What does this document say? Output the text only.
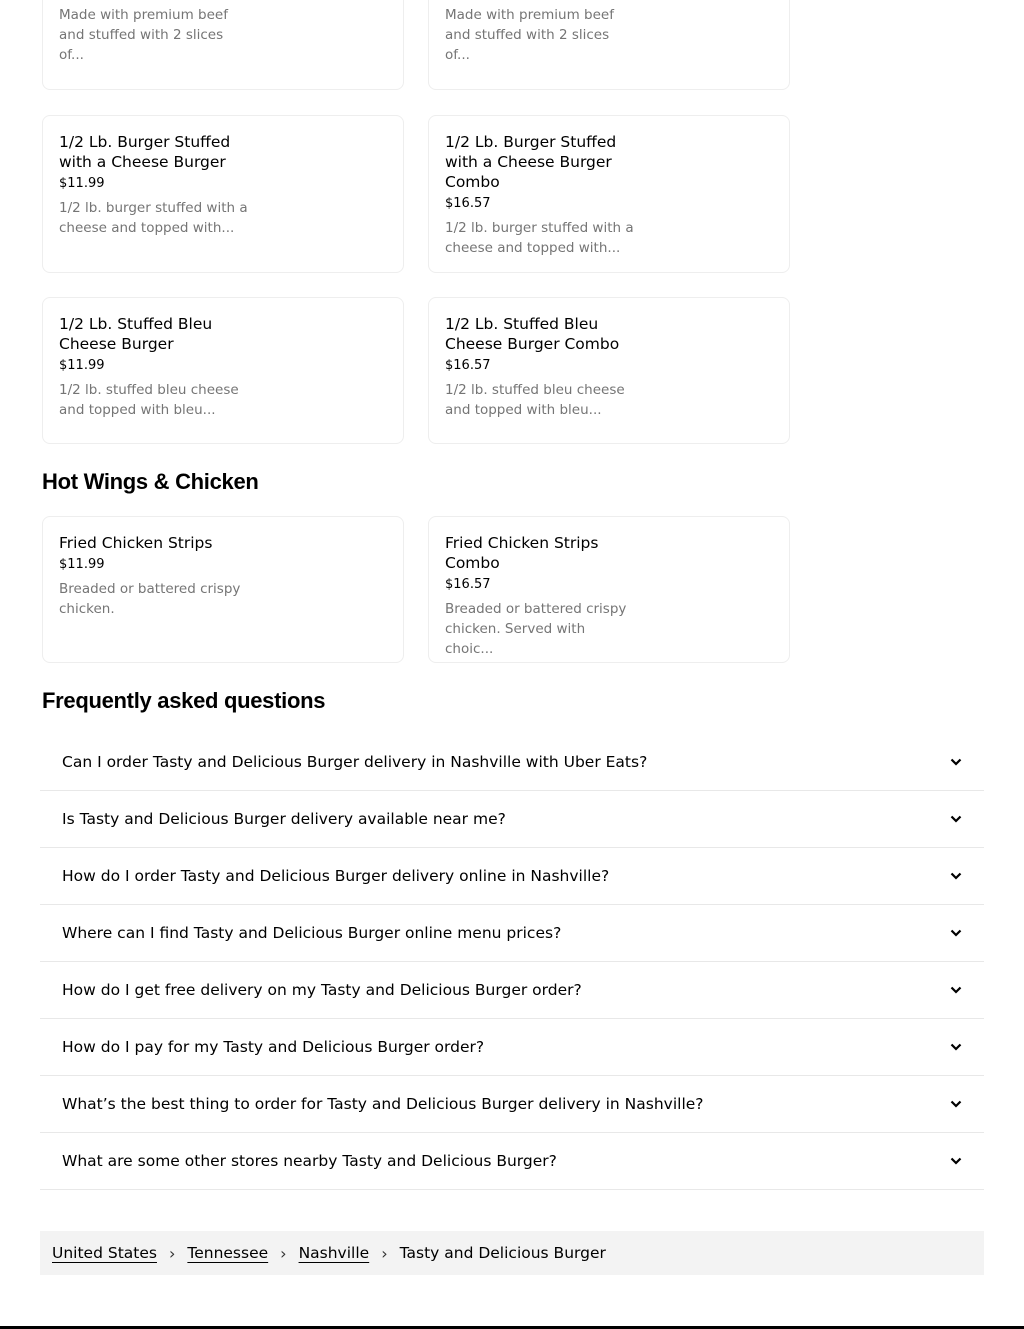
Made with premium beef and stuffed with 2 slices of...
Made with premium beef and stuffed with 2 slices of...
1/2 Lb. Burger Stuffed with a Cheese Burger
$11.99
1/2 lb. burger stuffed with a cheese and topped with...
1/2 Lb. Burger Stuffed with a Cheese Burger Combo
$16.57
1/2 lb. burger stuffed with a cheese and topped with...
1/2 Lb. Stuffed Bleu Cheese Burger
$11.99
1/2 lb. stuffed bleu cheese and topped with bleu...
1/2 Lb. Stuffed Bleu Cheese Burger Combo
$16.57
1/2 lb. stuffed bleu cheese and topped with bleu...
Hot Wings & Chicken
Fried Chicken Strips
$11.99
Breaded or battered crispy chicken.
Fried Chicken Strips Combo
$16.57
Breaded or battered crispy chicken. Served with choic...
Frequently asked questions
Can I order Tasty and Delicious Burger delivery in Nashville with Uber Eats?
Is Tasty and Delicious Burger delivery available near me?
How do I order Tasty and Delicious Burger delivery online in Nashville?
Where can I find Tasty and Delicious Burger online menu prices?
How do I get free delivery on my Tasty and Delicious Burger order?
How do I pay for my Tasty and Delicious Burger order?
What’s the best thing to order for Tasty and Delicious Burger delivery in Nashville?
What are some other stores nearby Tasty and Delicious Burger?
United States › Tennessee › Nashville › Tasty and Delicious Burger
